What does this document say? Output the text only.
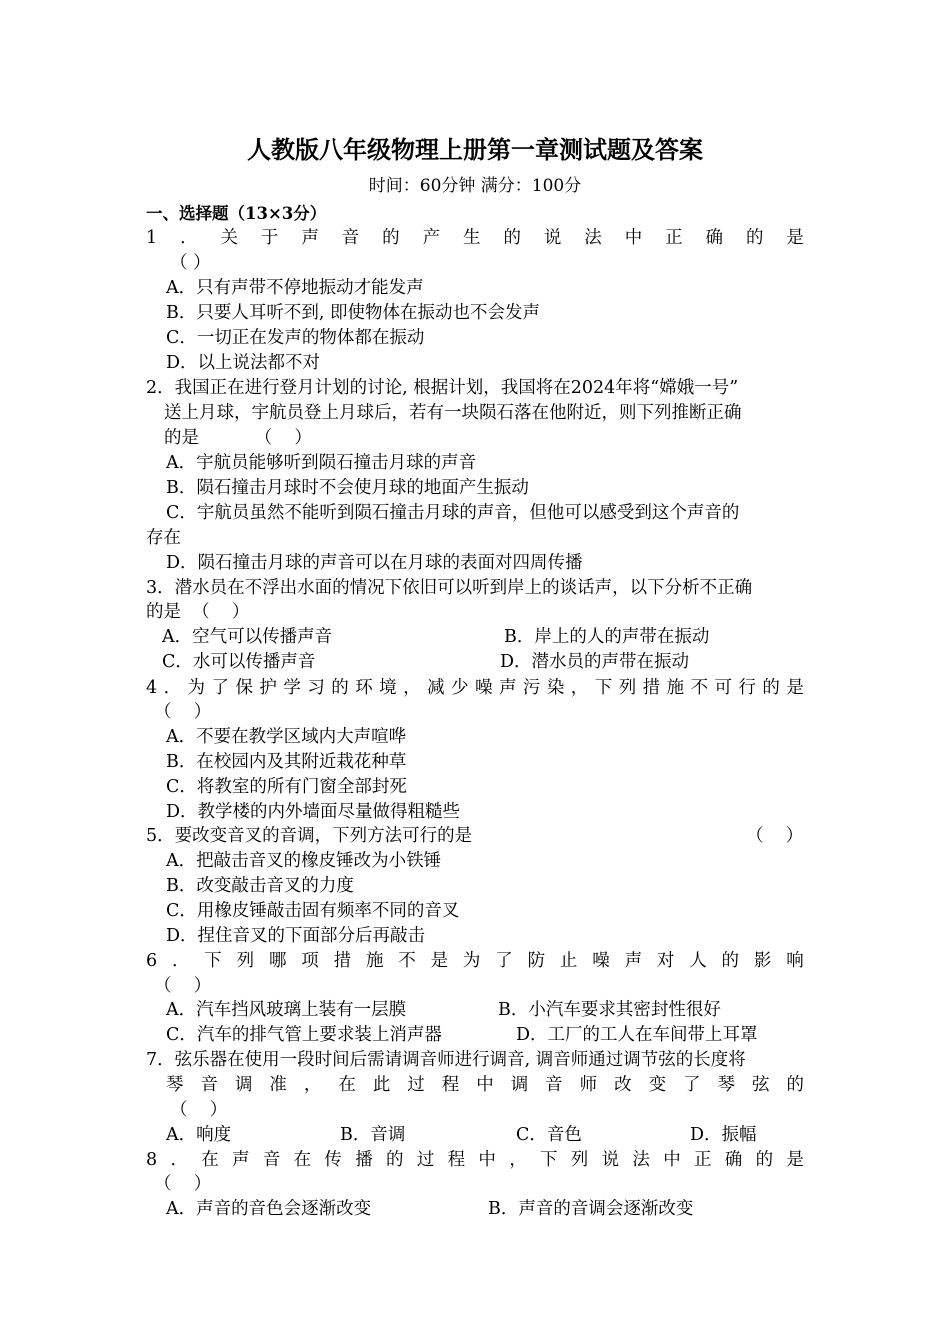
人教版八年级物理上册第一章测试题及答案
时间：60分钟 满分：100分
一、选择题（13×3分）
1 ． 关 于 声 音 的 产 生 的 说 法 中 正 确 的 是
（ ）
A．只有声带不停地振动才能发声
B．只要人耳听不到, 即使物体在振动也不会发声
C．一切正在发声的物体都在振动
D．以上说法都不对
2．我国正在进行登月计划的讨论, 根据计划，我国将在2024年将“嫦娥一号”
送上月球，宇航员登上月球后，若有一块陨石落在他附近，则下列推断正确
的是          （    ）
A．宇航员能够听到陨石撞击月球的声音
B．陨石撞击月球时不会使月球的地面产生振动
C．宇航员虽然不能听到陨石撞击月球的声音，但他可以感受到这个声音的
存在
D．陨石撞击月球的声音可以在月球的表面对四周传播
3．潜水员在不浮出水面的情况下依旧可以听到岸上的谈话声，以下分析不正确
的是  （    ）
A．空气可以传播声音	B．岸上的人的声带在振动
C．水可以传播声音	D．潜水员的声带在振动
4 ． 为 了 保 护 学 习 的 环 境 ， 减 少 噪 声 污 染 ， 下 列 措 施 不 可 行 的 是
（    ）
A．不要在教学区域内大声喧哗
B．在校园内及其附近栽花种草
C．将教室的所有门窗全部封死
D．教学楼的内外墙面尽量做得粗糙些
5．要改变音叉的音调，下列方法可行的是	（    ）
A．把敲击音叉的橡皮锤改为小铁锤
B．改变敲击音叉的力度
C．用橡皮锤敲击固有频率不同的音叉
D．捏住音叉的下面部分后再敲击
6 ． 下 列 哪 项 措 施 不 是 为 了 防 止 噪 声 对 人 的 影 响
（    ）
A．汽车挡风玻璃上装有一层膜	B．小汽车要求其密封性很好
C．汽车的排气管上要求装上消声器	D．工厂的工人在车间带上耳罩
7．弦乐器在使用一段时间后需请调音师进行调音, 调音师通过调节弦的长度将
琴 音 调 准 ， 在 此 过 程 中 调 音 师 改 变 了 琴 弦 的
（    ）
A．响度	B．音调	C．音色	D．振幅
8 ． 在 声 音 在 传 播 的 过 程 中 ， 下 列 说 法 中 正 确 的 是
（    ）
A．声音的音色会逐渐改变	B．声音的音调会逐渐改变
